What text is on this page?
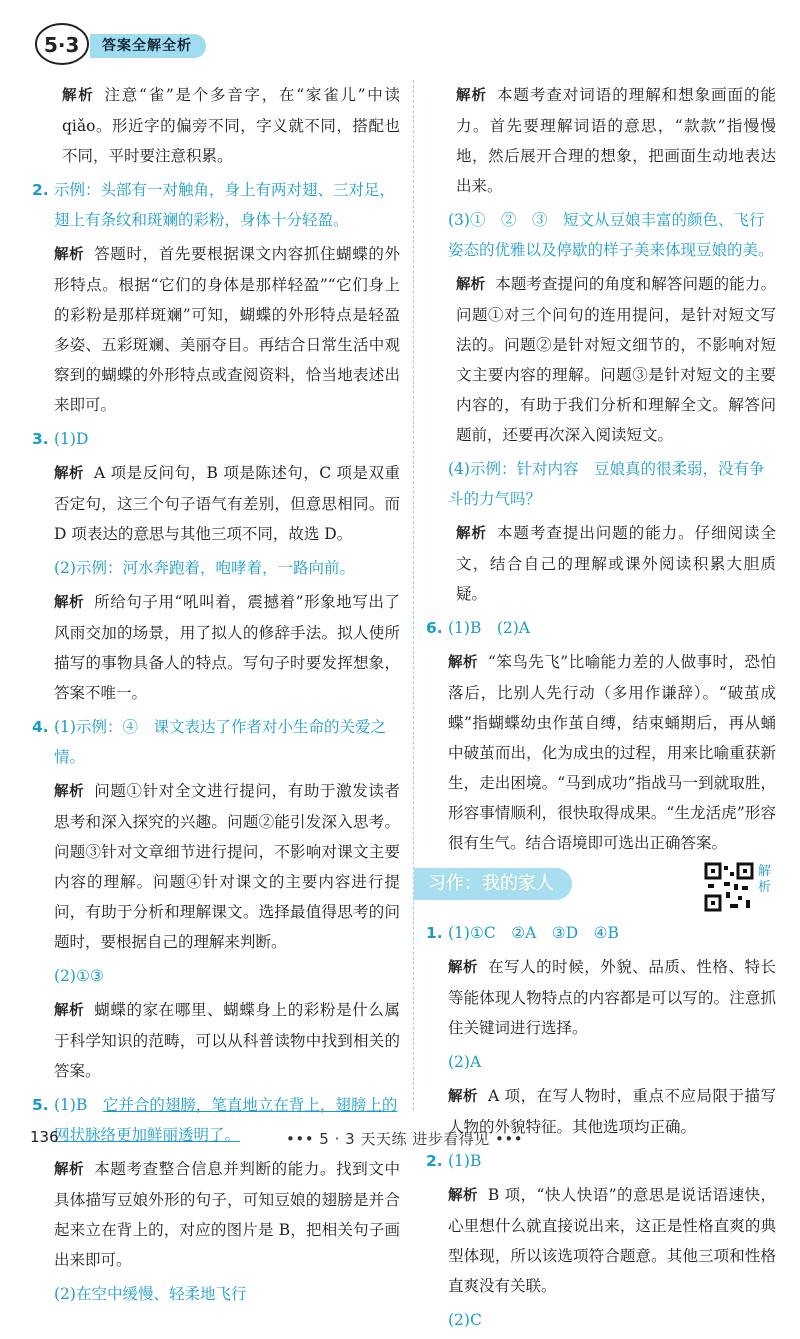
5·3	答案全解全析

解析 注意“雀”是个多音字，在“家雀儿”中读qiǎo。形近字的偏旁不同，字义就不同，搭配也不同，平时要注意积累。

2. 示例：头部有一对触角，身上有两对翅、三对足，翅上有条纹和斑斓的彩粉，身体十分轻盈。

解析 答题时，首先要根据课文内容抓住蝴蝶的外形特点。根据“它们的身体是那样轻盈”“它们身上的彩粉是那样斑斓”可知，蝴蝶的外形特点是轻盈多姿、五彩斑斓、美丽夺目。再结合日常生活中观察到的蝴蝶的外形特点或查阅资料，恰当地表述出来即可。

3. (1)D

解析 A 项是反问句，B 项是陈述句，C 项是双重否定句，这三个句子语气有差别，但意思相同。而 D 项表达的意思与其他三项不同，故选 D。

(2)示例：河水奔跑着，咆哮着，一路向前。

解析 所给句子用“吼叫着，震撼着”形象地写出了风雨交加的场景，用了拟人的修辞手法。拟人使所描写的事物具备人的特点。写句子时要发挥想象，答案不唯一。

4. (1)示例：④　课文表达了作者对小生命的关爱之情。

解析 问题①针对全文进行提问，有助于激发读者思考和深入探究的兴趣。问题②能引发深入思考。问题③针对文章细节进行提问，不影响对课文主要内容的理解。问题④针对课文的主要内容进行提问，有助于分析和理解课文。选择最值得思考的问题时，要根据自己的理解来判断。

(2)①③

解析 蝴蝶的家在哪里、蝴蝶身上的彩粉是什么属于科学知识的范畴，可以从科普读物中找到相关的答案。

5. (1)B　它并合的翅膀，笔直地立在背上，翅膀上的网状脉络更加鲜丽透明了。

解析 本题考查整合信息并判断的能力。找到文中具体描写豆娘外形的句子，可知豆娘的翅膀是并合起来立在背上的，对应的图片是 B，把相关句子画出来即可。

(2)在空中缓慢、轻柔地飞行

解析 本题考查对词语的理解和想象画面的能力。首先要理解词语的意思，“款款”指慢慢地，然后展开合理的想象，把画面生动地表达出来。

(3)①　②　③　短文从豆娘丰富的颜色、飞行姿态的优雅以及停歇的样子美来体现豆娘的美。

解析 本题考查提问的角度和解答问题的能力。问题①对三个问句的连用提问，是针对短文写法的。问题②是针对短文细节的，不影响对短文主要内容的理解。问题③是针对短文的主要内容的，有助于我们分析和理解全文。解答问题前，还要再次深入阅读短文。

(4)示例：针对内容　豆娘真的很柔弱，没有争斗的力气吗？

解析 本题考查提出问题的能力。仔细阅读全文，结合自己的理解或课外阅读积累大胆质疑。

6. (1)B　(2)A

解析 “笨鸟先飞”比喻能力差的人做事时，恐怕落后，比别人先行动（多用作谦辞）。“破茧成蝶”指蝴蝶幼虫作茧自缚，结束蛹期后，再从蛹中破茧而出，化为成虫的过程，用来比喻重获新生，走出困境。“马到成功”指战马一到就取胜，形容事情顺利，很快取得成果。“生龙活虎”形容很有生气。结合语境即可选出正确答案。

习作：我的家人
解析

1. (1)①C　②A　③D　④B

解析 在写人的时候，外貌、品质、性格、特长等能体现人物特点的内容都是可以写的。注意抓住关键词进行选择。

(2)A

解析 A 项，在写人物时，重点不应局限于描写人物的外貌特征。其他选项均正确。

2. (1)B

解析 B 项，“快人快语”的意思是说话语速快，心里想什么就直接说出来，这正是性格直爽的典型体现，所以该选项符合题意。其他三项和性格直爽没有关联。

(2)C

136	••• 5 · 3 天天练 进步看得见 •••
